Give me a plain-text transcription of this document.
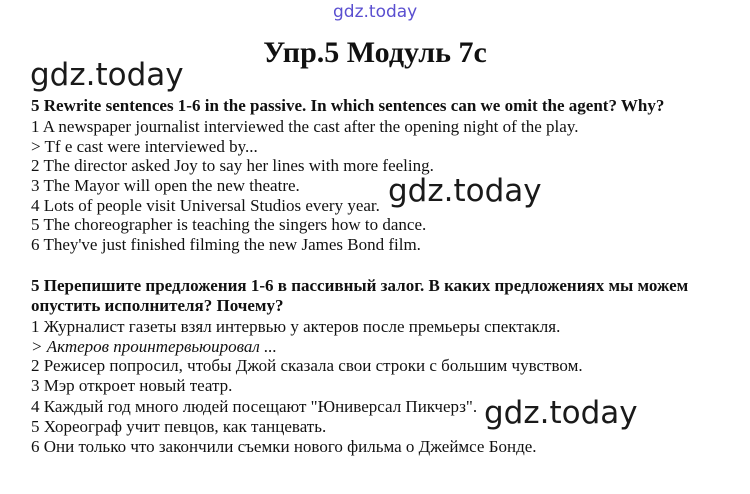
gdz.today
Упр.5 Модуль 7c
gdz.today
5 Rewrite sentences 1-6 in the passive. In which sentences can we omit the agent? Why?
1 A newspaper journalist interviewed the cast after the opening night of the play.
> Tf e cast were interviewed by...
2 The director asked Joy to say her lines with more feeling.
3 The Mayor will open the new theatre.
4 Lots of people visit Universal Studios every year.
5 The choreographer is teaching the singers how to dance.
6 They've just finished filming the new James Bond film.
gdz.today
5 Перепишите предложения 1-6 в пассивный залог. В каких предложениях мы можем
опустить исполнителя? Почему?
1 Журналист газеты взял интервью у актеров после премьеры спектакля.
> Актеров проинтервьюировал ...
2 Режисер попросил, чтобы Джой сказала свои строки с большим чувством.
3 Мэр откроет новый театр.
4 Каждый год много людей посещают "Юниверсал Пикчерз".
5 Хореограф учит певцов, как танцевать.
6 Они только что закончили съемки нового фильма о Джеймсе Бонде.
gdz.today
